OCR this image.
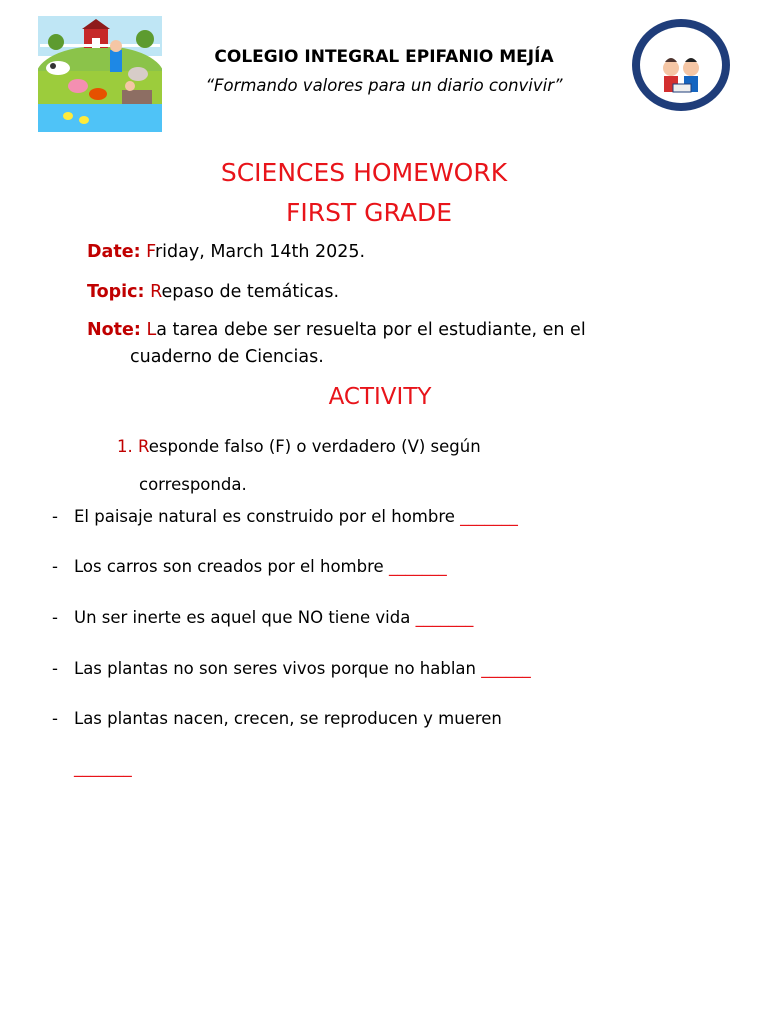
COLEGIO INTEGRAL EPIFANIO MEJÍA
“Formando valores para un diario convivir”
SCIENCES HOMEWORK
FIRST GRADE
Date: Friday, March 14th 2025.
Topic: Repaso de temáticas.
Note: La tarea debe ser resuelta por el estudiante, en el
cuaderno de Ciencias.
ACTIVITY
1. Responde falso (F) o verdadero (V) según
corresponda.
- El paisaje natural es construido por el hombre _______
- Los carros son creados por el hombre _______
- Un ser inerte es aquel que NO tiene vida _______
- Las plantas no son seres vivos porque no hablan ______
- Las plantas nacen, crecen, se reproducen y mueren
_______
